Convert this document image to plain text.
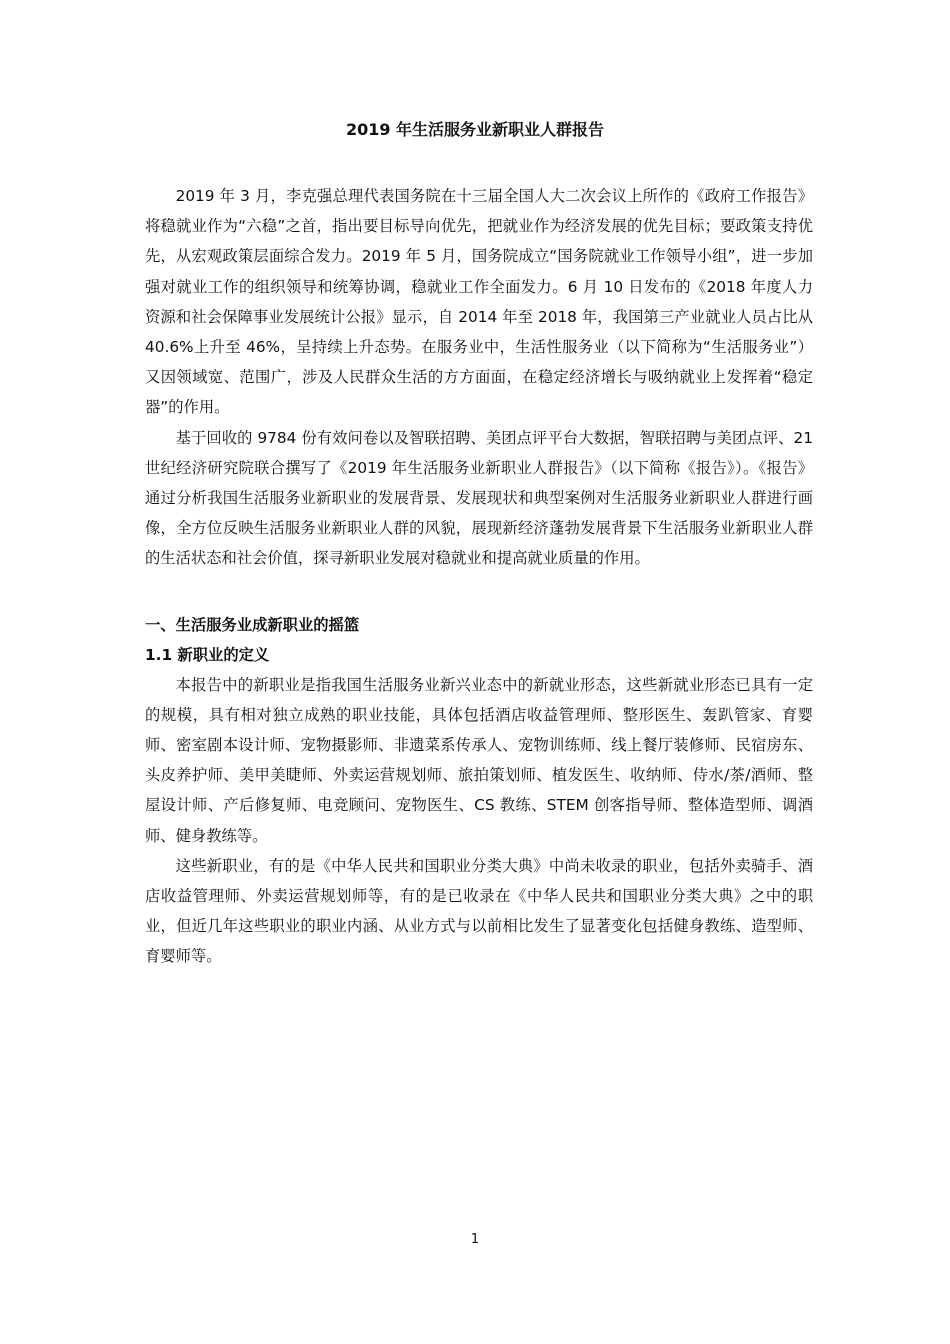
2019 年生活服务业新职业人群报告

2019 年 3 月，李克强总理代表国务院在十三届全国人大二次会议上所作的《政府工作报告》将稳就业作为“六稳”之首，指出要目标导向优先，把就业作为经济发展的优先目标；要政策支持优先，从宏观政策层面综合发力。2019 年 5 月，国务院成立“国务院就业工作领导小组”，进一步加强对就业工作的组织领导和统筹协调，稳就业工作全面发力。6 月 10 日发布的《2018 年度人力资源和社会保障事业发展统计公报》显示，自 2014 年至 2018 年，我国第三产业就业人员占比从 40.6%上升至 46%，呈持续上升态势。在服务业中，生活性服务业（以下简称为“生活服务业”）又因领域宽、范围广，涉及人民群众生活的方方面面，在稳定经济增长与吸纳就业上发挥着“稳定器”的作用。

基于回收的 9784 份有效问卷以及智联招聘、美团点评平台大数据，智联招聘与美团点评、21 世纪经济研究院联合撰写了《2019 年生活服务业新职业人群报告》（以下简称《报告》）。《报告》通过分析我国生活服务业新职业的发展背景、发展现状和典型案例对生活服务业新职业人群进行画像，全方位反映生活服务业新职业人群的风貌，展现新经济蓬勃发展背景下生活服务业新职业人群的生活状态和社会价值，探寻新职业发展对稳就业和提高就业质量的作用。

一、生活服务业成新职业的摇篮

1.1 新职业的定义

本报告中的新职业是指我国生活服务业新兴业态中的新就业形态，这些新就业形态已具有一定的规模，具有相对独立成熟的职业技能，具体包括酒店收益管理师、整形医生、轰趴管家、育婴师、密室剧本设计师、宠物摄影师、非遗菜系传承人、宠物训练师、线上餐厅装修师、民宿房东、头皮养护师、美甲美睫师、外卖运营规划师、旅拍策划师、植发医生、收纳师、侍水/茶/酒师、整屋设计师、产后修复师、电竞顾问、宠物医生、CS 教练、STEM 创客指导师、整体造型师、调酒师、健身教练等。

这些新职业，有的是《中华人民共和国职业分类大典》中尚未收录的职业，包括外卖骑手、酒店收益管理师、外卖运营规划师等，有的是已收录在《中华人民共和国职业分类大典》之中的职业，但近几年这些职业的职业内涵、从业方式与以前相比发生了显著变化包括健身教练、造型师、育婴师等。

1
